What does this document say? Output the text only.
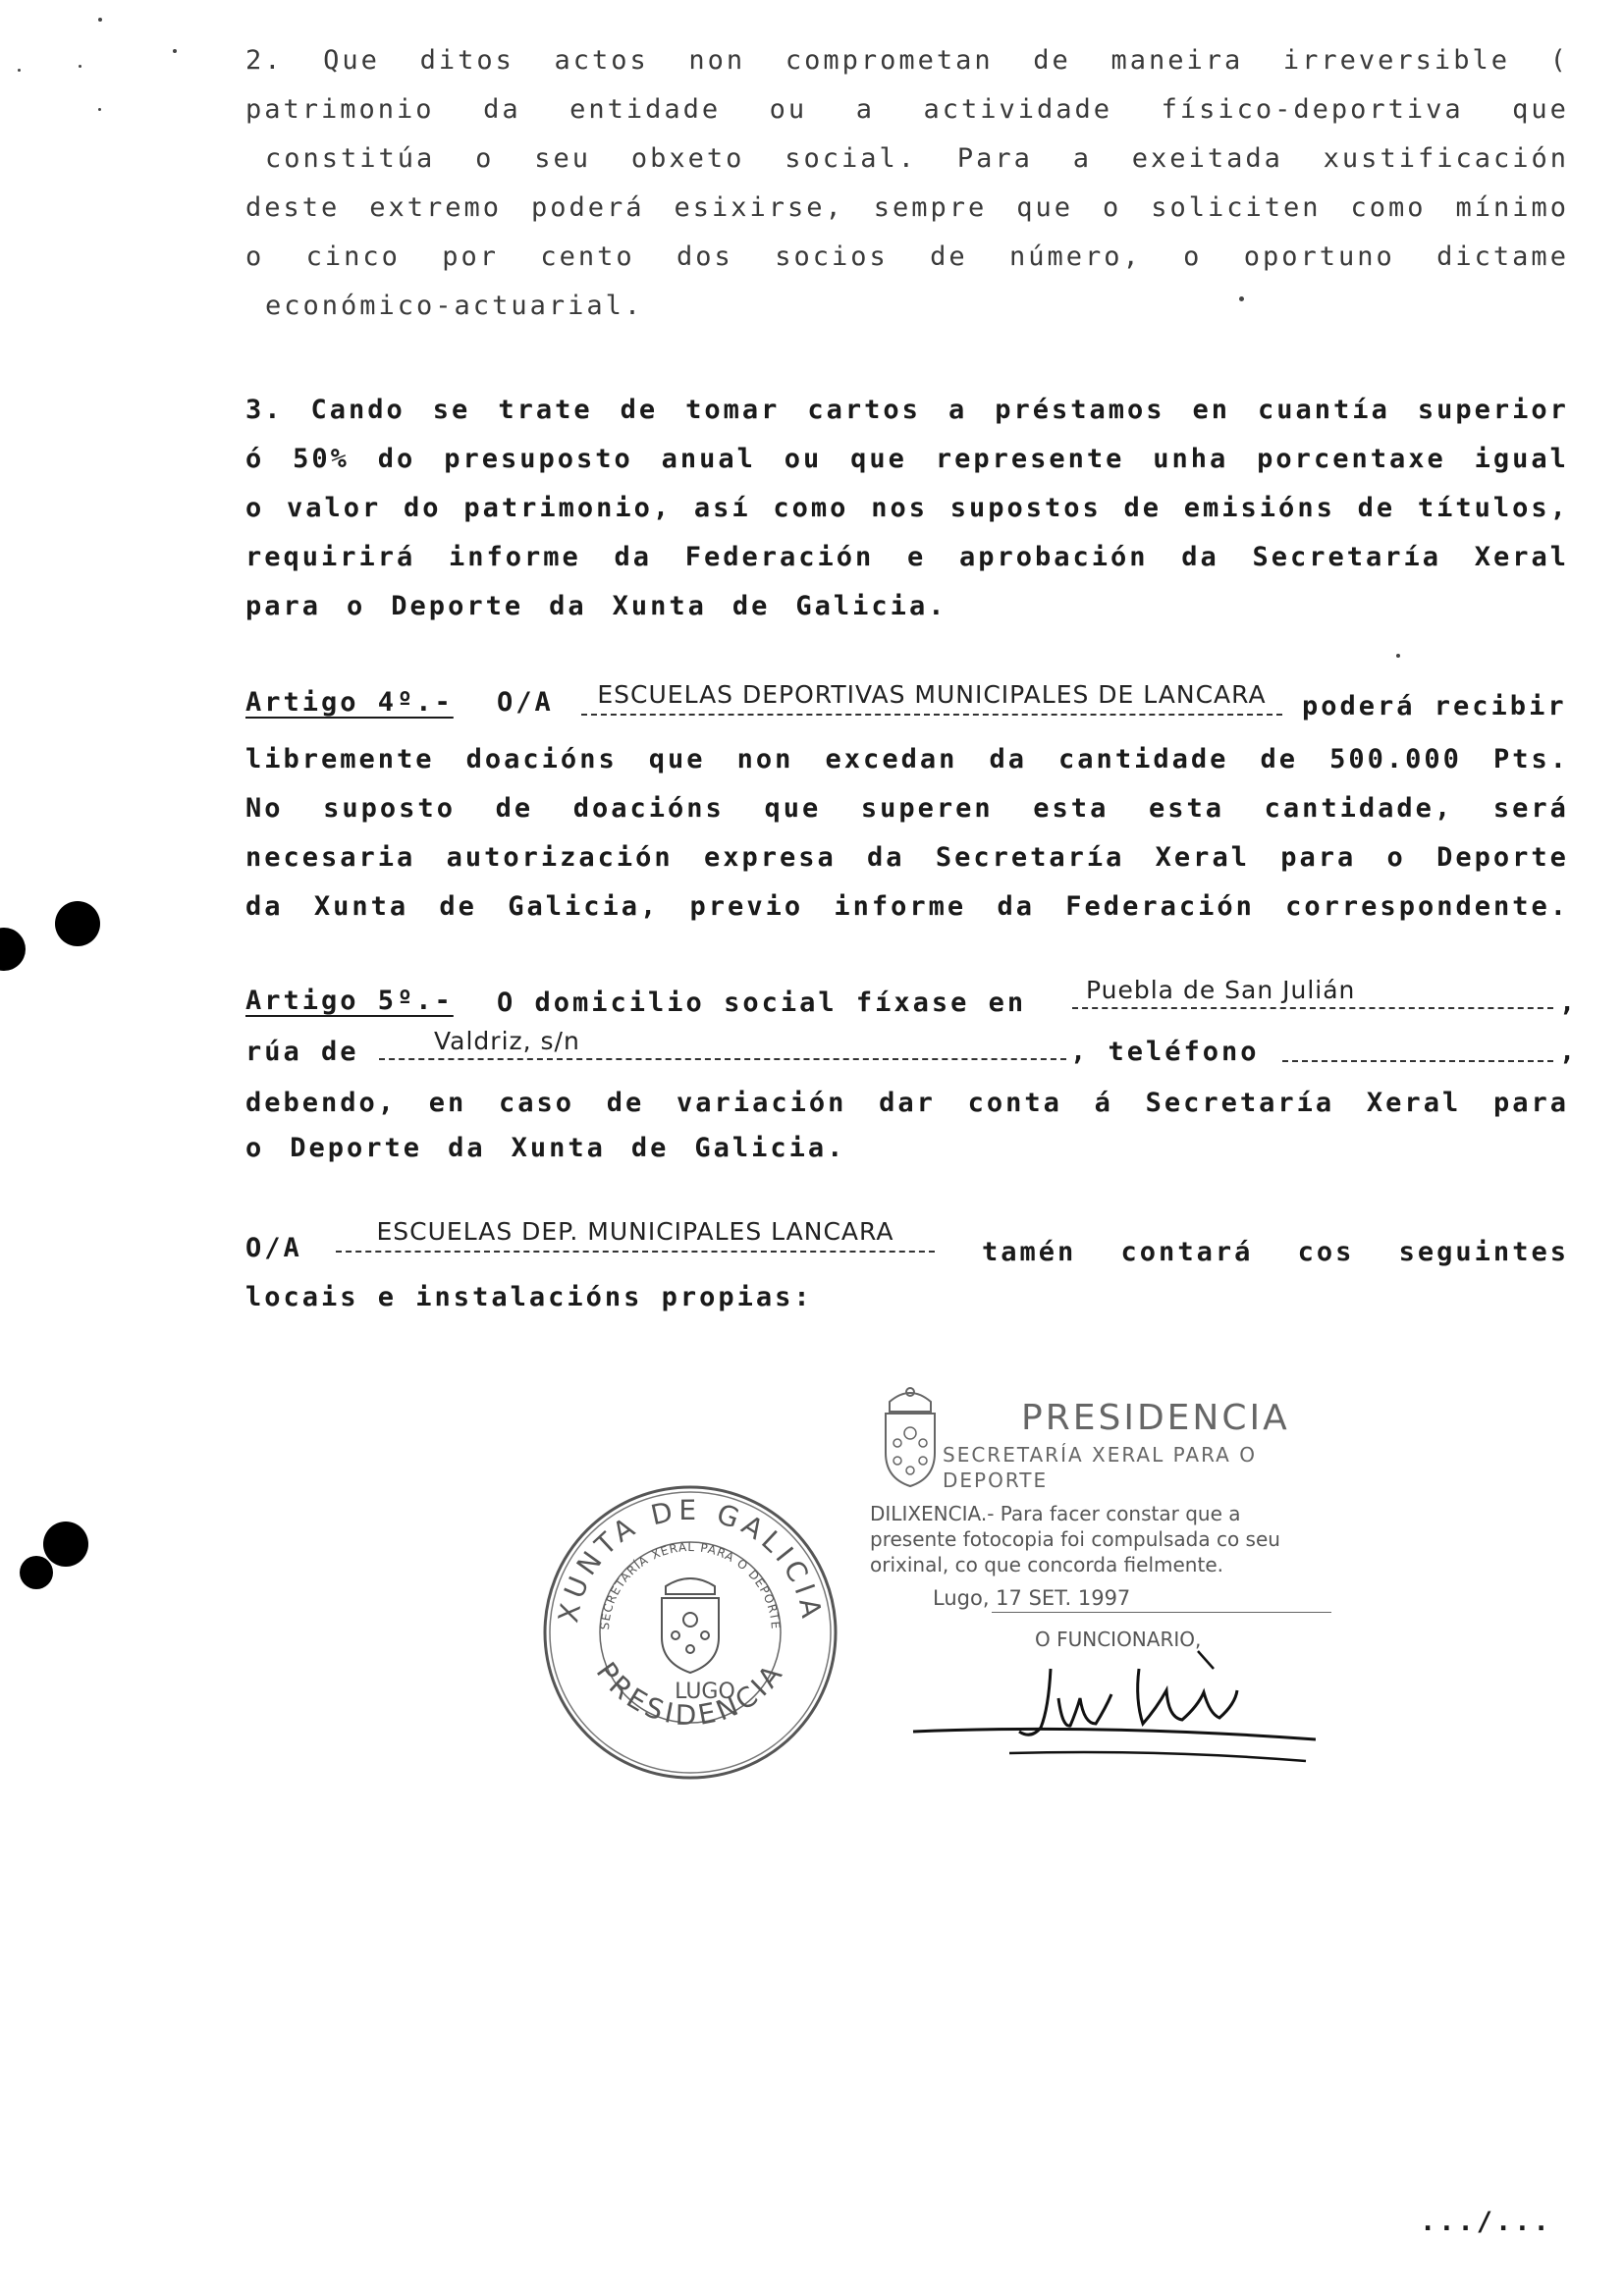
2. Que ditos actos non comprometan de maneira irreversible (
patrimonio da entidade ou a actividade físico-deportiva que
constitúa o seu obxeto social. Para a exeitada xustificación
deste extremo poderá esixirse, sempre que o soliciten como mínimo
o cinco por cento dos socios de número, o oportuno dictame
económico-actuarial.
3. Cando se trate de tomar cartos a préstamos en cuantía superior
ó 50% do presuposto anual ou que represente unha porcentaxe igual
o valor do patrimonio, así como nos supostos de emisións de títulos,
requirirá informe da Federación e aprobación da Secretaría Xeral
para o Deporte da Xunta de Galicia.
Artigo 4º.- O/A	ESCUELAS DEPORTIVAS MUNICIPALES DE LANCARA	poderá recibir
libremente doacións que non excedan da cantidade de 500.000 Pts.
No suposto de doacións que superen esta esta cantidade, será
necesaria autorización expresa da Secretaría Xeral para o Deporte
da Xunta de Galicia, previo informe da Federación correspondente.
Artigo 5º.- O domicilio social fíxase en	Puebla de San Julián	,
rúa de	Valdriz, s/n	, teléfono	,
debendo, en caso de variación dar conta á Secretaría Xeral para
o Deporte da Xunta de Galicia.
O/A
ESCUELAS DEP. MUNICIPALES LANCARA
tamén contará cos seguintes
locais e instalacións propias:
PRESIDENCIA
SECRETARÍA XERAL PARA O
DEPORTE
DILIXENCIA.- Para facer constar que a
presente fotocopia foi compulsada co seu
orixinal, co que concorda fielmente.
Lugo, 17 SET. 1997
O FUNCIONARIO,
XUNTA DE GALICIA
SECRETARÍA XERAL PARA O DEPORTE
PRESIDENCIA
LUGO
.../...
